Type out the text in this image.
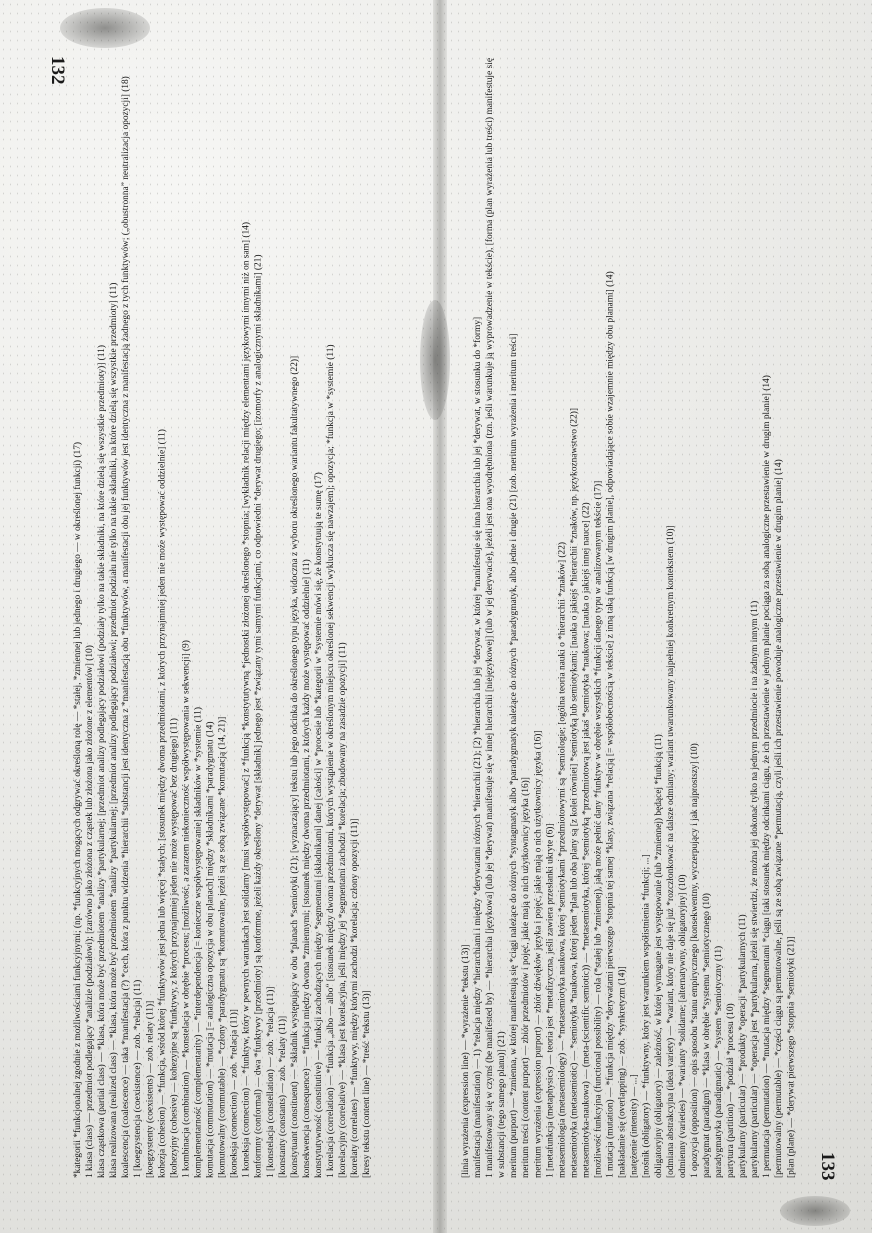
132
133

*kategorii *funkcjonalnej zgodnie z możliwościami funkcyjnymi; (np. *funkcyjnych mogących odgrywać określoną rolę — *stałej, *zmiennej lub jednego i drugiego — w określonej funkcji) (17) 1 klasa (class) — przedmiot podlegający *analizie (podziałowi); [zarówno jako złożona z cząstek lub złożona jako złożone z elementów] (10) klasa cząstkowa (partial class) — *klasa, która może być przedmiotem *analizy *partykularnej; [przedmiot analizy podlegający podziałowi (podziały tylko na takie składniki, na które dzielą się wszystkie przedmioty)] (11) klasa realizowana (realized class) — *klasa, która może być przedmiotem *analizy *partykularnej; [przedmiot analizy podlegający podziałowi; przedmiot podziału nie tylko na takie składniki, na które dzielą się wszystkie przedmioty] (11) koalescencja (coalescence) — taka *manifestacja (?) *cech, która z punktu widzenia *hierarchii *substancji jest identyczna z *manifestacją obu *funktywów, a manifestacji obu jej funktywów jest identyczna z manifestacją żadnego z tych funktywów; („obustronna” neutralizacja opozycji] (18) 1 [koegzystencja (coexistence) — zob. *relacja] (11) [koegzystenty (coexistents) — zob. relaty (11)] kohezja (cohesion) — *funkcja, wśród której *funktywów jest jedna lub więcej *stałych; [stosunek między dwoma przedmiotami, z których przynajmniej jeden nie może występować oddzielnie] (11) [kohezyjny (cohesive) — kohezyjne są *funktywy, z których przynajmniej jeden nie może występować bez drugiego] (11) 1 kombinacja (combination) — *konstelacja w obrębie *procesu; [możliwość, a zarazem niekonieczność współwystępowania w sekwencji] (9) komplementarność (complementarity) — *interdependencja [= konieczne współwystępowanie] składników w *systemie (11) komutacja (commutation) — *mutacja [= analogiczna opozycja w obu planach] między *składnikami *paradygmatu (14) [komutowalny (commutable) — *człony *paradygmatu są *komutowalne, jeżeli są ze sobą związane *komutacją (14, 21)] [koneksja (connection) — zob. *relacja (11)] 1 koneksja (connection) — *funktyw, który w pewnych warunkach jest solidarny [musi współwystępować] z *funkcją *konstytutywną *jednostki złożonej określonego *stopnia; [wykładnik relacji między elementami językowymi innymi niż on sam] (14) konformny (conformal) — dwa *funktywy [przedmioty] są konformne, jeżeli każdy określony *derywat [składnik] jednego jest *związany tymi samymi funkcjami, co odpowiedni *derywat drugiego; [izomorfy z analogicznymi składnikami] (21) 1 [konstelacja (constellation) — zob. *relacja (11)] [konstanty (constants) — zob. *relaty (11)] [konstytuant (constituent) — *składnik występujący w obu *planach *semiotyki (21); [wyznaczający] tekstu lub jego odcinka do określonego typu języka, widoczna z wyboru określonego wariantu fakultatywnego (22)] konsekwencja (consequence) — *funkcja między dwoma *zmiennymi; [stosunek między dwoma przedmiotami, z których każdy może występować oddzielnie] (11) konstytutywność (constitutive) — *funkcji zachodzących między *segmentami [składnikami] danej [całości] w *procesie lub *kategorii w *systemie mówi się, że konstytuują te sumę (17) 1 korelacja (correlation) — *funkcja „albo — albo” [stosunek między dwoma przedmiotami, których wystąpienie w określonym miejscu określonej sekwencji wyklucza się nawzajem]; opozycja; *funkcja w *systemie (11) [korelacyjny (correlative) — *klasa jest korelacyjna, jeśli między jej *segmentami zachodzi *korelacja; zbudowany na zasadzie opozycji] (11) [korelaty (correlates) — *funktywy, między którymi zachodzi *korelacja; człony opozycji (11)] [kresy tekstu (content line) — *treść *tekstu (13)]	[linia wyrażenia (expression line) — *wyrażenie *tekstu (13)] manifestacja (manifestation) — 1) *relacja między *hierarchiami i między *derywatami różnych *hierarchii (21); [2) *hierarchia lub jej *derywat, w której *manifestuje się inna hierarchia lub jej *derywat, w stosunku do *formy] 1 manifestowany się w czymś (be manifested by) — *hierarchia [językowa] (lub jej *derywat) manifestuje się w innej hierarchii [niejęzykowej] (lub w jej derywacie), jeżeli jest ona wyodrębniona (tzn. jeśli warunkuje ją wyprowadzenie w tekście), [forma (plan wyrażenia lub treści) manifestuje się w substancji (tego samego planu)] (21) meritum (purport) — *zmienna, w której manifestują się *ciągi należące do różnych *syntagmatyk albo *paradygmatyk należące do różnych *paradygmatyk, albo jedne i drugie (21) [zob. meritum wyrażenia i meritum treści] meritum treści (content purport) — zbiór przedmiotów i pojęć, jakie mają o nich użytkownicy języka (16)] meritum wyrażenia (expression purport) — zbiór dźwięków języka i pojęć, jakie mają o nich użytkownicy języka (16)] 1 [metafunkcja (metaphysics) — teoria jest *metafizyczna, jeśli zawiera przesłanki ukryte (6)] metasemiologia (metasemiology) — *metasemiotyka naukowa, której *semiotykami *przedmiotowymi są *semiologie; [ogólna teoria nauki o *hierarchii *znaków] (22) metasemiotyka (metasemiotic) — *semiotyka *naukowa, której jeden *plan lub oba plany są [z kolei równiei] *semiotyką lub semiotykami; [nauka o jakiejś *hierarchii *znaków, np. językoznawstwo (22)] metasemiotyka-naukowa) — (meta-(scientific semiotic)) — *metasemiotyka, której *semiotyką *przedmiotową jest jakaś *semiotyka *naukowa; [nauka o jakiejś innej nauce] (22) [możliwość funkcyjna (functional possibility) — rola (*stałej lub *zmiennej), jaką może pełnić dany *funktyw w obrębie wszystkich *funkcji danego typu w analizowanym tekście (17)] 1 mutacja (mutation) — *funkcja między *derywatami pierwszego *stopnia tej samej *klasy, związana *relacją [= współobecnością w tekście] z inną taką funkcją [w drugim planie], odpowiadające sobie wzajemnie między obu planami] (14) [nakładanie się (overlapping) — zob. *synkretyzm (14)] [natężenie (intensity) — ...] [nośnik (obligatory) — *funktywny, który jest warunkiem współistnienia *funkcji; ...] obligatoryjny (obligatory) — zależność, w której wymagane jest występowanie (lub *zmiennej) będącej *funkcją (11) [odmiana abstrakcyjna (ideal variety) — *wariant, który nie daje się już *rozczłonkować na dalsze odmiany; wariant uwarunkowany najpełniej konkretnym kontekstem (10)] odmienny (varieties) — *warianty *solidarne; [alternatywny, obligatoryjny] (10) 1 opozycja (opposition) — opis sposobu *stanu empirycznego [konsekwentny, wyczerpujący i jak najprostszy] (10) paradygmat (paradigm) — *klasa w obrębie *systemu *semiotycznego (10) paradygmatyka (paradigmatic) — *system *semiotyczny (11) partytura (partition) — *podział *procesu (10) partykularny (particular) — *produkty *operacji *partykularnych (11) partykularny (particular) — *operacja jest *partykularna, jeżeli się stwierdzi, że można jej dokonać tylko na jednym przedmiocie i na żadnym innym (11) 1 permutacja (permutation) — *mutacja między *segmentami *ciągu [taki stosunek między odcinkami ciągu, że ich przestawienie w jednym planie pociąga za sobą analogiczne przestawienie w drugim planie] (14) [permutowalny (permutable) — *części ciągu są permutowalne, jeśli są ze sobą związane *permutacją, czyli jeśli ich przestawienie powoduje analogiczne przestawienie w drugim planie] (14) [plan (plane) — *derywat pierwszego *stopnia *semiotyki (21)]
